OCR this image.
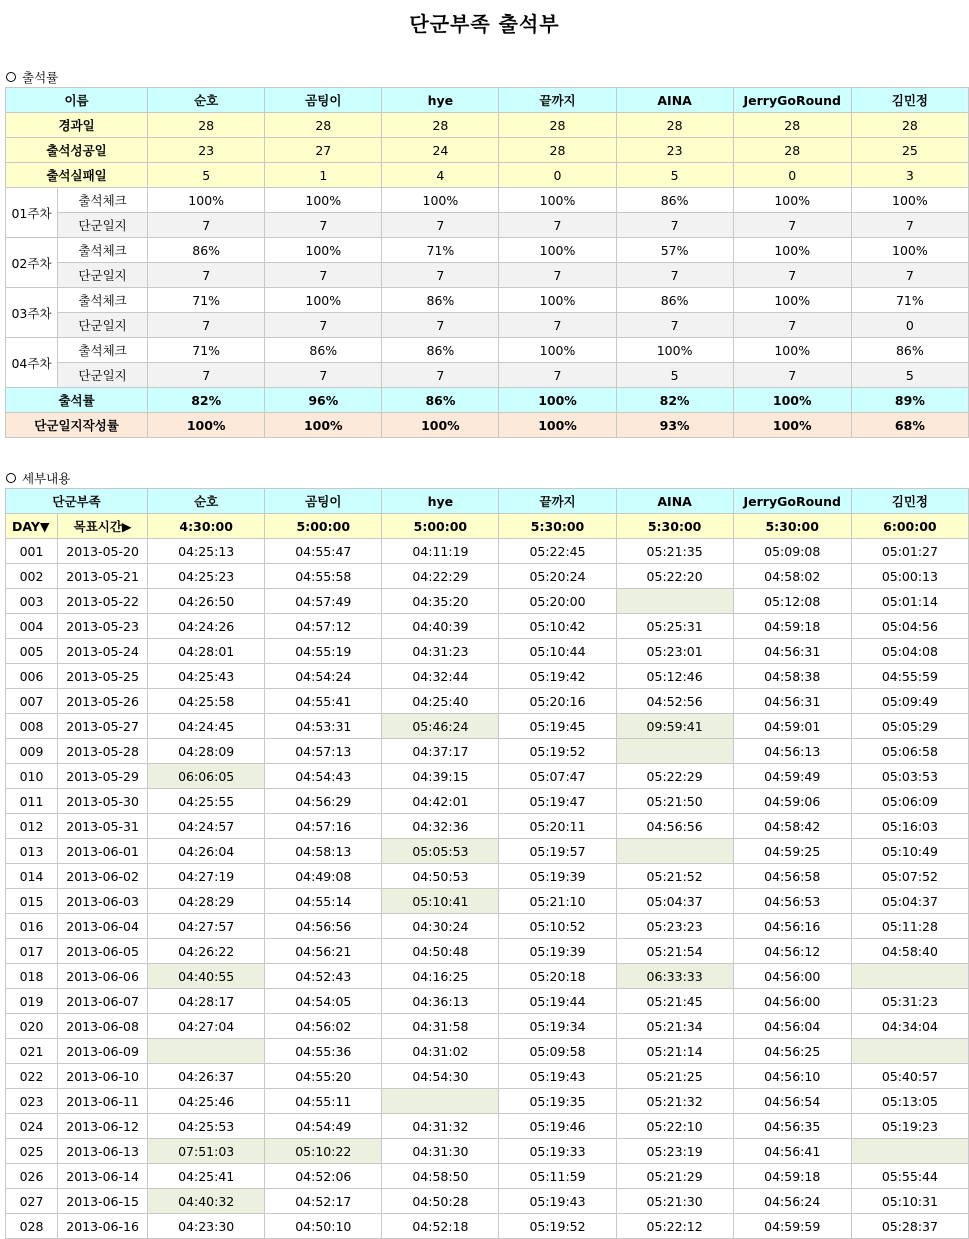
단군부족 출석부
출석률
이름		순호	곰팅이	hye	끝까지	AINA	JerryGoRound	김민정
경과일		28	28	28	28	28	28	28
출석성공일		23	27	24	28	23	28	25
출석실패일		5	1	4	0	5	0	3
01주차	출석체크	100%	100%	100%	100%	86%	100%	100%
	단군일지	7	7	7	7	7	7	7
02주차	출석체크	86%	100%	71%	100%	57%	100%	100%
	단군일지	7	7	7	7	7	7	7
03주차	출석체크	71%	100%	86%	100%	86%	100%	71%
	단군일지	7	7	7	7	7	7	0
04주차	출석체크	71%	86%	86%	100%	100%	100%	86%
	단군일지	7	7	7	7	5	7	5
출석률		82%	96%	86%	100%	82%	100%	89%
단군일지작성률		100%	100%	100%	100%	93%	100%	68%
세부내용
단군부족		순호	곰팅이	hye	끝까지	AINA	JerryGoRound	김민정
DAY▼	목표시간▶	4:30:00	5:00:00	5:00:00	5:30:00	5:30:00	5:30:00	6:00:00
001	2013-05-20	04:25:13	04:55:47	04:11:19	05:22:45	05:21:35	05:09:08	05:01:27
002	2013-05-21	04:25:23	04:55:58	04:22:29	05:20:24	05:22:20	04:58:02	05:00:13
003	2013-05-22	04:26:50	04:57:49	04:35:20	05:20:00		05:12:08	05:01:14
004	2013-05-23	04:24:26	04:57:12	04:40:39	05:10:42	05:25:31	04:59:18	05:04:56
005	2013-05-24	04:28:01	04:55:19	04:31:23	05:10:44	05:23:01	04:56:31	05:04:08
006	2013-05-25	04:25:43	04:54:24	04:32:44	05:19:42	05:12:46	04:58:38	04:55:59
007	2013-05-26	04:25:58	04:55:41	04:25:40	05:20:16	04:52:56	04:56:31	05:09:49
008	2013-05-27	04:24:45	04:53:31	05:46:24	05:19:45	09:59:41	04:59:01	05:05:29
009	2013-05-28	04:28:09	04:57:13	04:37:17	05:19:52		04:56:13	05:06:58
010	2013-05-29	06:06:05	04:54:43	04:39:15	05:07:47	05:22:29	04:59:49	05:03:53
011	2013-05-30	04:25:55	04:56:29	04:42:01	05:19:47	05:21:50	04:59:06	05:06:09
012	2013-05-31	04:24:57	04:57:16	04:32:36	05:20:11	04:56:56	04:58:42	05:16:03
013	2013-06-01	04:26:04	04:58:13	05:05:53	05:19:57		04:59:25	05:10:49
014	2013-06-02	04:27:19	04:49:08	04:50:53	05:19:39	05:21:52	04:56:58	05:07:52
015	2013-06-03	04:28:29	04:55:14	05:10:41	05:21:10	05:04:37	04:56:53	05:04:37
016	2013-06-04	04:27:57	04:56:56	04:30:24	05:10:52	05:23:23	04:56:16	05:11:28
017	2013-06-05	04:26:22	04:56:21	04:50:48	05:19:39	05:21:54	04:56:12	04:58:40
018	2013-06-06	04:40:55	04:52:43	04:16:25	05:20:18	06:33:33	04:56:00	
019	2013-06-07	04:28:17	04:54:05	04:36:13	05:19:44	05:21:45	04:56:00	05:31:23
020	2013-06-08	04:27:04	04:56:02	04:31:58	05:19:34	05:21:34	04:56:04	04:34:04
021	2013-06-09		04:55:36	04:31:02	05:09:58	05:21:14	04:56:25	
022	2013-06-10	04:26:37	04:55:20	04:54:30	05:19:43	05:21:25	04:56:10	05:40:57
023	2013-06-11	04:25:46	04:55:11		05:19:35	05:21:32	04:56:54	05:13:05
024	2013-06-12	04:25:53	04:54:49	04:31:32	05:19:46	05:22:10	04:56:35	05:19:23
025	2013-06-13	07:51:03	05:10:22	04:31:30	05:19:33	05:23:19	04:56:41	
026	2013-06-14	04:25:41	04:52:06	04:58:50	05:11:59	05:21:29	04:59:18	05:55:44
027	2013-06-15	04:40:32	04:52:17	04:50:28	05:19:43	05:21:30	04:56:24	05:10:31
028	2013-06-16	04:23:30	04:50:10	04:52:18	05:19:52	05:22:12	04:59:59	05:28:37
